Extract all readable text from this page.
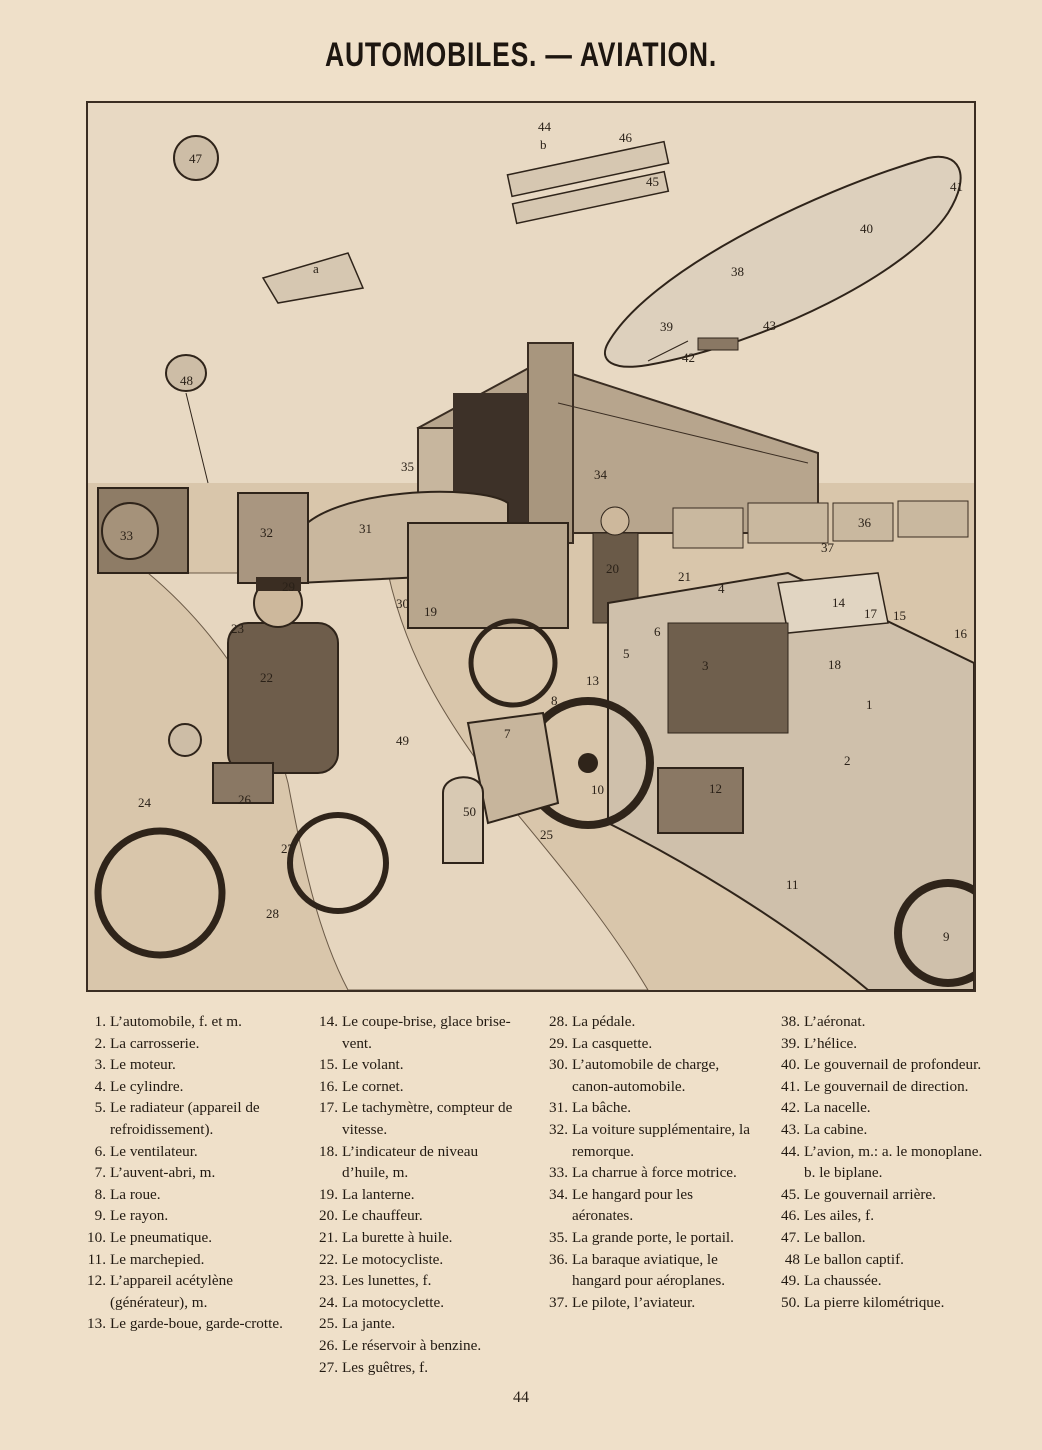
AUTOMOBILES. — AVIATION.
1
2
3
4
5
6
7
8
9
10
11
12
13
14
15
16
17
18
19
20
21
22
23
24
25
26
27
28
29
30
31
32
33
34
35
36
37
38
39
40
41
42
43
44
45
46
47
48
49
50
a
b
1. L’automobile, f. et m.
2. La carrosserie.
3. Le moteur.
4. Le cylindre.
5. Le radiateur (appareil de refroidissement).
6. Le ventilateur.
7. L’auvent-abri, m.
8. La roue.
9. Le rayon.
10. Le pneumatique.
11. Le marchepied.
12. L’appareil acétylène (générateur), m.
13. Le garde-boue, garde-crotte.
14. Le coupe-brise, glace brise-vent.
15. Le volant.
16. Le cornet.
17. Le tachymètre, compteur de vitesse.
18. L’indicateur de niveau d’huile, m.
19. La lanterne.
20. Le chauffeur.
21. La burette à huile.
22. Le motocycliste.
23. Les lunettes, f.
24. La motocyclette.
25. La jante.
26. Le réservoir à benzine.
27. Les guêtres, f.
28. La pédale.
29. La casquette.
30. L’automobile de charge, canon-automobile.
31. La bâche.
32. La voiture supplémentaire, la remorque.
33. La charrue à force motrice.
34. Le hangard pour les aéronates.
35. La grande porte, le portail.
36. La baraque aviatique, le hangard pour aéroplanes.
37. Le pilote, l’aviateur.
38. L’aéronat.
39. L’hélice.
40. Le gouvernail de profondeur.
41. Le gouvernail de direction.
42. La nacelle.
43. La cabine.
44. L’avion, m.: a. le monoplane. b. le biplane.
45. Le gouvernail arrière.
46. Les ailes, f.
47. Le ballon.
48 Le ballon captif.
49. La chaussée.
50. La pierre kilométrique.
44
